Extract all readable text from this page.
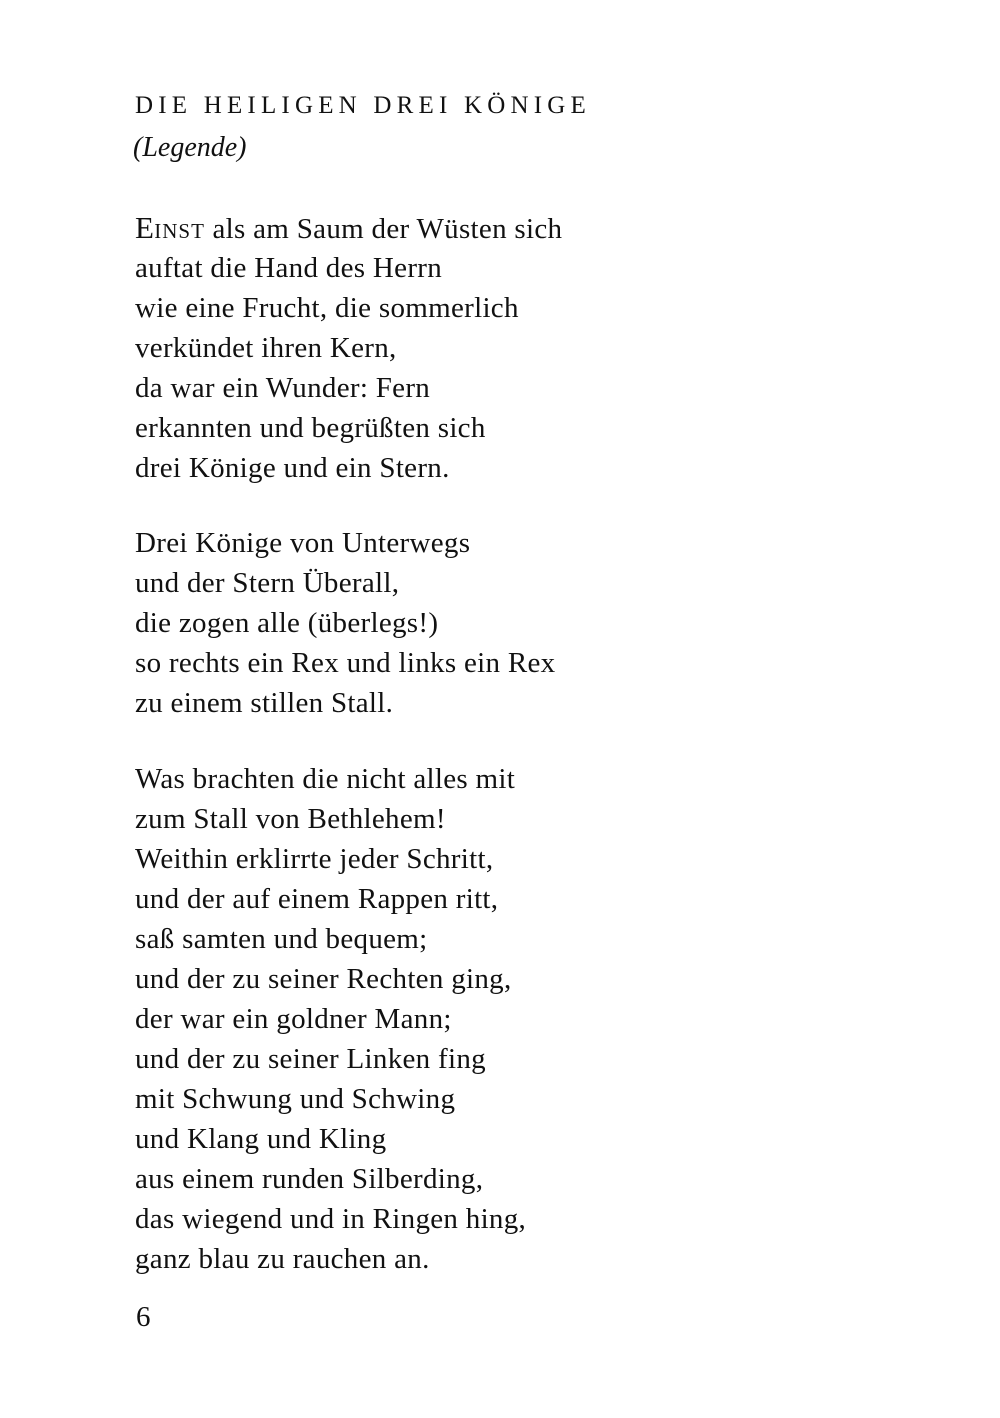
DIE HEILIGEN DREI KÖNIGE
(Legende)
EINST als am Saum der Wüsten sich
auftat die Hand des Herrn
wie eine Frucht, die sommerlich
verkündet ihren Kern,
da war ein Wunder: Fern
erkannten und begrüßten sich
drei Könige und ein Stern.
Drei Könige von Unterwegs
und der Stern Überall,
die zogen alle (überlegs!)
so rechts ein Rex und links ein Rex
zu einem stillen Stall.
Was brachten die nicht alles mit
zum Stall von Bethlehem!
Weithin erklirrte jeder Schritt,
und der auf einem Rappen ritt,
saß samten und bequem;
und der zu seiner Rechten ging,
der war ein goldner Mann;
und der zu seiner Linken fing
mit Schwung und Schwing
und Klang und Kling
aus einem runden Silberding,
das wiegend und in Ringen hing,
ganz blau zu rauchen an.
6
